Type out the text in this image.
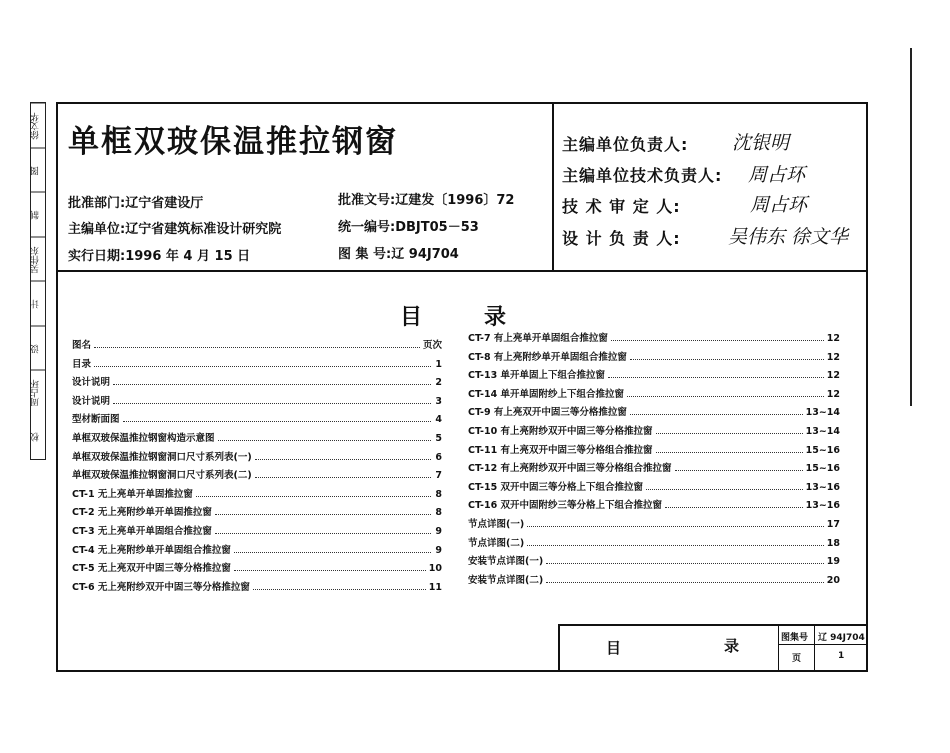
徐文华
图
制
吴伟东
计
设
周占环
校
单框双玻保温推拉钢窗
批准部门:辽宁省建设厅
主编单位:辽宁省建筑标准设计研究院
实行日期:1996 年 4 月 15 日
批准文号:辽建发〔1996〕72
统一编号:DBJT05－53
图 集 号:辽 94J704
主编单位负责人: 沈银明
主编单位技术负责人: 周占环
技 术 审 定 人:	周占环
设 计 负 责 人: 吴伟东 徐文华
目	录
图名	页次
目录	1
设计说明	2
设计说明	3
型材断面图	4
单框双玻保温推拉钢窗构造示意图	5
单框双玻保温推拉钢窗洞口尺寸系列表(一)	6
单框双玻保温推拉钢窗洞口尺寸系列表(二)	7
CT-1 无上亮单开单固推拉窗	8
CT-2 无上亮附纱单开单固推拉窗	8
CT-3 无上亮单开单固组合推拉窗	9
CT-4 无上亮附纱单开单固组合推拉窗	9
CT-5 无上亮双开中固三等分格推拉窗	10
CT-6 无上亮附纱双开中固三等分格推拉窗	11
CT-7 有上亮单开单固组合推拉窗	12
CT-8 有上亮附纱单开单固组合推拉窗	12
CT-13 单开单固上下组合推拉窗	12
CT-14 单开单固附纱上下组合推拉窗	12
CT-9 有上亮双开中固三等分格推拉窗	13~14
CT-10 有上亮附纱双开中固三等分格推拉窗	13~14
CT-11 有上亮双开中固三等分格组合推拉窗	15~16
CT-12 有上亮附纱双开中固三等分格组合推拉窗	15~16
CT-15 双开中固三等分格上下组合推拉窗	13~16
CT-16 双开中固附纱三等分格上下组合推拉窗	13~16
节点详图(一)	17
节点详图(二)	18
安装节点详图(一)	19
安装节点详图(二)	20
目	录	图集号 辽 94J704
页	1
